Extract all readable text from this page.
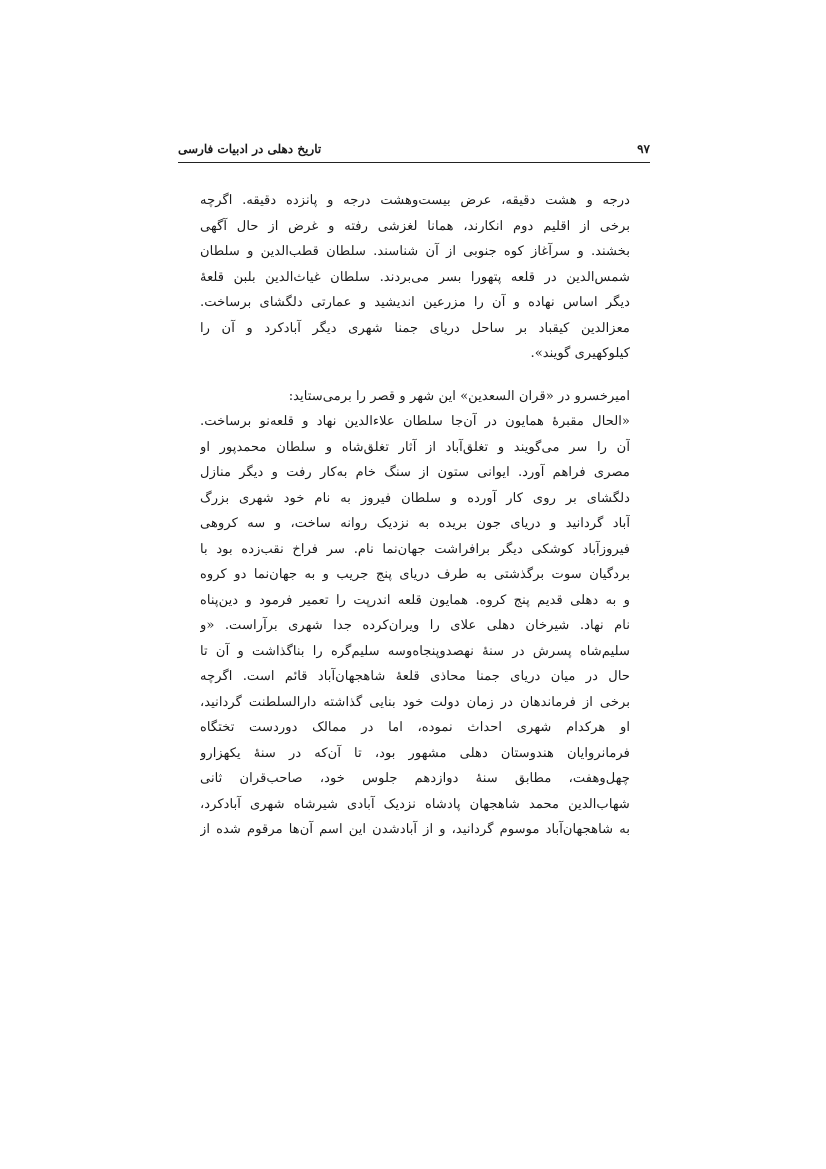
۹۷
تاریخ دهلی در ادبیات فارسی
درجه و هشت دقیقه، عرض بیست‌وهشت درجه و پانزده دقیقه. اگرچه
برخی از اقلیم دوم انکارند، همانا لغزشی رفته و غرض از حال آگهی
بخشند. و سرآغاز کوه جنوبی از آن شناسند. سلطان قطب‌الدین و سلطان
شمس‌الدین در قلعه پتهورا بسر می‌بردند. سلطان غیاث‌الدین بلبن قلعهٔ
دیگر اساس نهاده و آن را مزرعین اندیشید و عمارتی دلگشای برساخت.
معزالدین کیقباد بر ساحل دریای جمنا شهری دیگر آبادکرد و آن را
کیلوکهیری گویند».
امیرخسرو در «قران السعدین» این شهر و قصر را برمی‌ستاید:
«الحال مقبرهٔ همایون در آن‌جا سلطان علاءالدین نهاد و قلعه‌نو برساخت.
آن را سر می‌گویند و تغلق‌آباد از آثار تغلق‌شاه و سلطان محمدپور او
مصری فراهم آورد. ایوانی ستون از سنگ خام به‌کار رفت و دیگر منازل
دلگشای بر روی کار آورده و سلطان فیروز به نام خود شهری بزرگ
آباد گردانید و دریای جون بریده به نزدیک روانه ساخت، و سه کروهی
فیروزآباد کوشکی دیگر برافراشت جهان‌نما نام. سر فراخ نقب‌زده بود با
بردگیان سوت برگذشتی به طرف دریای پنج جریب و به جهان‌نما دو کروه
و به دهلی قدیم پنج کروه. همایون قلعه اندرپت را تعمیر فرمود و دین‌پناه
نام نهاد. شیرخان دهلی علای را ویران‌کرده جدا شهری برآراست. «و
سلیم‌شاه پسرش در سنهٔ نهصدوپنجاه‌وسه سلیم‌گره را بناگذاشت و آن تا
حال در میان دریای جمنا محاذی قلعهٔ شاهجهان‌آباد قائم است. اگرچه
برخی از فرماندهان در زمان دولت خود بنایی گذاشته دارالسلطنت گردانید،
او هرکدام شهری احداث نموده، اما در ممالک دوردست تختگاه
فرمانروایان هندوستان دهلی مشهور بود، تا آن‌که در سنهٔ یکهزارو
چهل‌وهفت، مطابق سنهٔ دوازدهم جلوس خود، صاحب‌قران ثانی
شهاب‌الدین محمد شاهجهان پادشاه نزدیک آبادی شیرشاه شهری آبادکرد،
به شاهجهان‌آباد موسوم گردانید، و از آبادشدن این اسم آن‌ها مرقوم شده از
